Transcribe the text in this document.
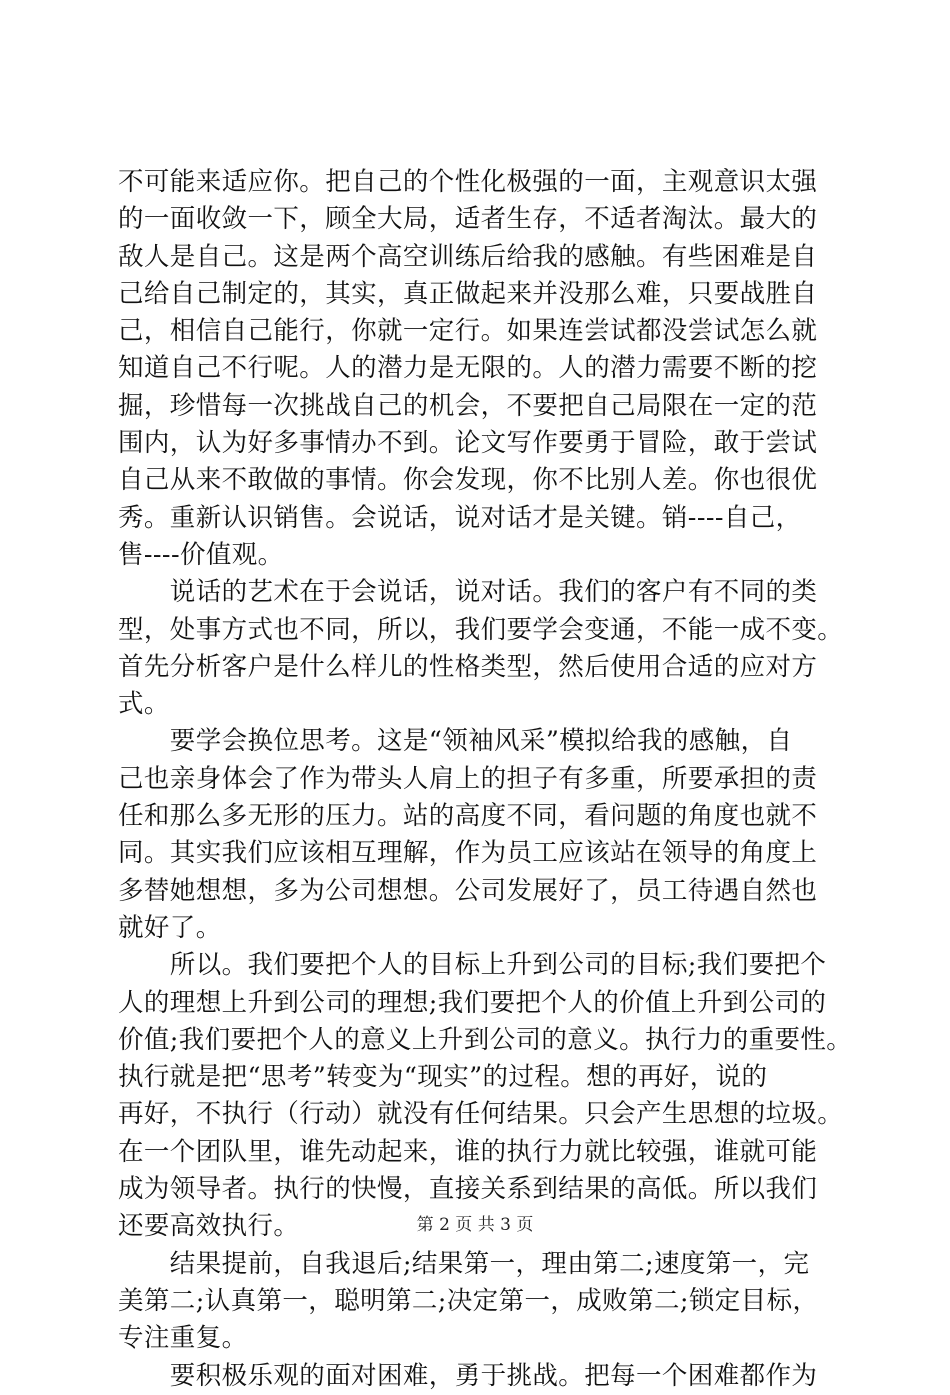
不可能来适应你。把自己的个性化极强的一面，主观意识太强
的一面收敛一下，顾全大局，适者生存，不适者淘汰。最大的
敌人是自己。这是两个高空训练后给我的感触。有些困难是自
己给自己制定的，其实，真正做起来并没那么难，只要战胜自
己，相信自己能行，你就一定行。如果连尝试都没尝试怎么就
知道自己不行呢。人的潜力是无限的。人的潜力需要不断的挖
掘，珍惜每一次挑战自己的机会，不要把自己局限在一定的范
围内，认为好多事情办不到。论文写作要勇于冒险，敢于尝试
自己从来不敢做的事情。你会发现，你不比别人差。你也很优
秀。重新认识销售。会说话，说对话才是关键。销----自己，
售----价值观。
　　说话的艺术在于会说话，说对话。我们的客户有不同的类
型，处事方式也不同，所以，我们要学会变通，不能一成不变。
首先分析客户是什么样儿的性格类型，然后使用合适的应对方
式。
　　要学会换位思考。这是“领袖风采”模拟给我的感触，自
己也亲身体会了作为带头人肩上的担子有多重，所要承担的责
任和那么多无形的压力。站的高度不同，看问题的角度也就不
同。其实我们应该相互理解，作为员工应该站在领导的角度上
多替她想想，多为公司想想。公司发展好了，员工待遇自然也
就好了。
　　所以。我们要把个人的目标上升到公司的目标;我们要把个
人的理想上升到公司的理想;我们要把个人的价值上升到公司的
价值;我们要把个人的意义上升到公司的意义。执行力的重要性。
执行就是把“思考”转变为“现实”的过程。想的再好，说的
再好，不执行（行动）就没有任何结果。只会产生思想的垃圾。
在一个团队里，谁先动起来，谁的执行力就比较强，谁就可能
成为领导者。执行的快慢，直接关系到结果的高低。所以我们
还要高效执行。
　　结果提前，自我退后;结果第一，理由第二;速度第一，完
美第二;认真第一，聪明第二;决定第一，成败第二;锁定目标，
专注重复。
　　要积极乐观的面对困难，勇于挑战。把每一个困难都作为
第 2 页 共 3 页
